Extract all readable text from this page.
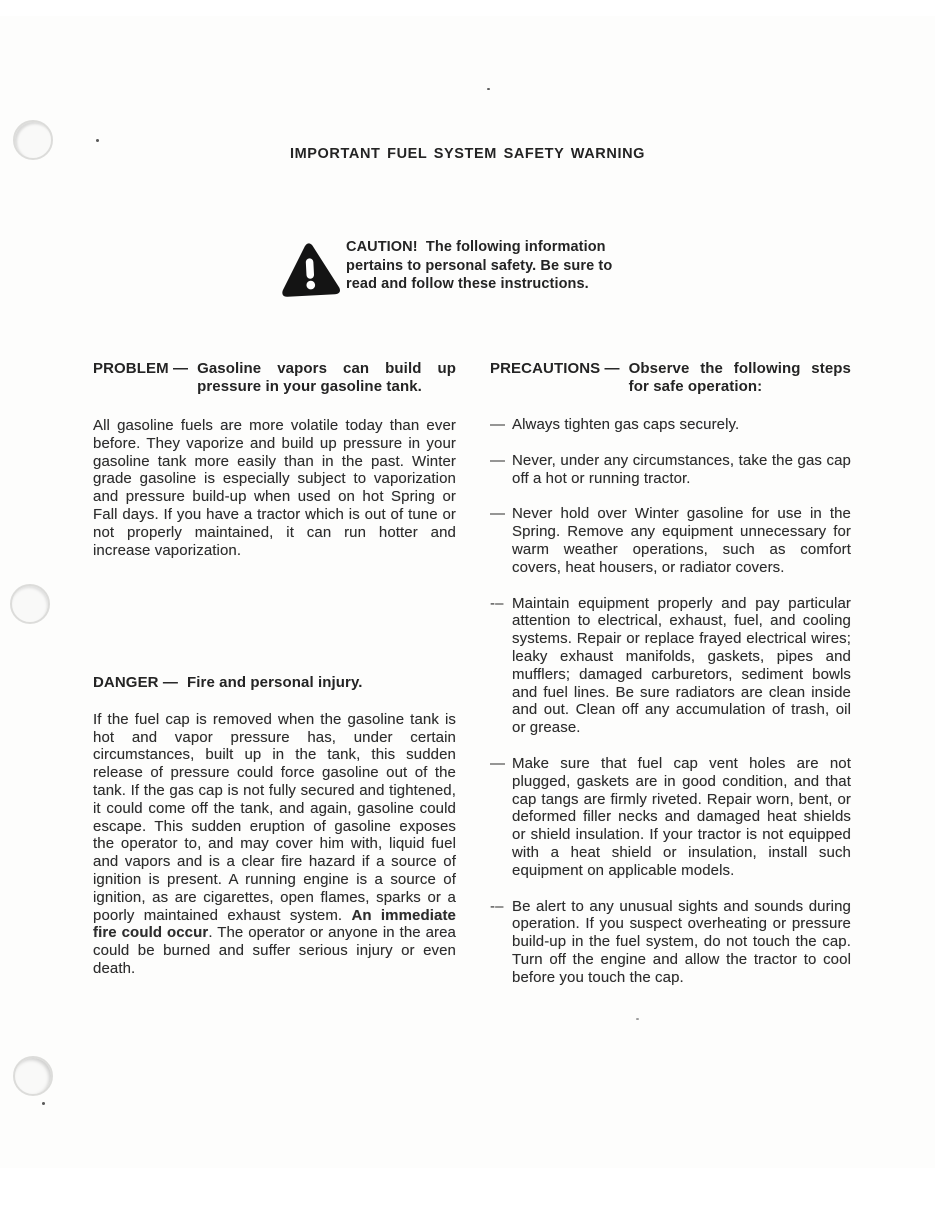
IMPORTANT FUEL SYSTEM SAFETY WARNING
CAUTION!  The following information
pertains to personal safety. Be sure to
read and follow these instructions.
PROBLEM — Gasoline vapors can build up pressure in your gasoline tank.
All gasoline fuels are more volatile today than ever before. They vaporize and build up pressure in your gasoline tank more easily than in the past. Winter grade gasoline is especially subject to vaporization and pressure build-up when used on hot Spring or Fall days. If you have a tractor which is out of tune or not properly maintained, it can run hotter and increase vaporization.
DANGER — Fire and personal injury.
If the fuel cap is removed when the gasoline tank is hot and vapor pressure has, under certain circumstances, built up in the tank, this sudden release of pressure could force gasoline out of the tank. If the gas cap is not fully secured and tightened, it could come off the tank, and again, gasoline could escape. This sudden eruption of gasoline exposes the operator to, and may cover him with, liquid fuel and vapors and is a clear fire hazard if a source of ignition is present. A running engine is a source of ignition, as are cigarettes, open flames, sparks or a poorly maintained exhaust system. An immediate fire could occur. The operator or anyone in the area could be burned and suffer serious injury or even death.
PRECAUTIONS — Observe the following steps for safe operation:
— Always tighten gas caps securely.
— Never, under any circumstances, take the gas cap off a hot or running tractor.
— Never hold over Winter gasoline for use in the Spring. Remove any equipment unnecessary for warm weather operations, such as comfort covers, heat housers, or radiator covers.
-– Maintain equipment properly and pay particular attention to electrical, exhaust, fuel, and cooling systems. Repair or replace frayed electrical wires; leaky exhaust manifolds, gaskets, pipes and mufflers; damaged carburetors, sediment bowls and fuel lines. Be sure radiators are clean inside and out. Clean off any accumulation of trash, oil or grease.
— Make sure that fuel cap vent holes are not plugged, gaskets are in good condition, and that cap tangs are firmly riveted. Repair worn, bent, or deformed filler necks and damaged heat shields or shield insulation. If your tractor is not equipped with a heat shield or insulation, install such equipment on applicable models.
-– Be alert to any unusual sights and sounds during operation. If you suspect overheating or pressure build-up in the fuel system, do not touch the cap. Turn off the engine and allow the tractor to cool before you touch the cap.
